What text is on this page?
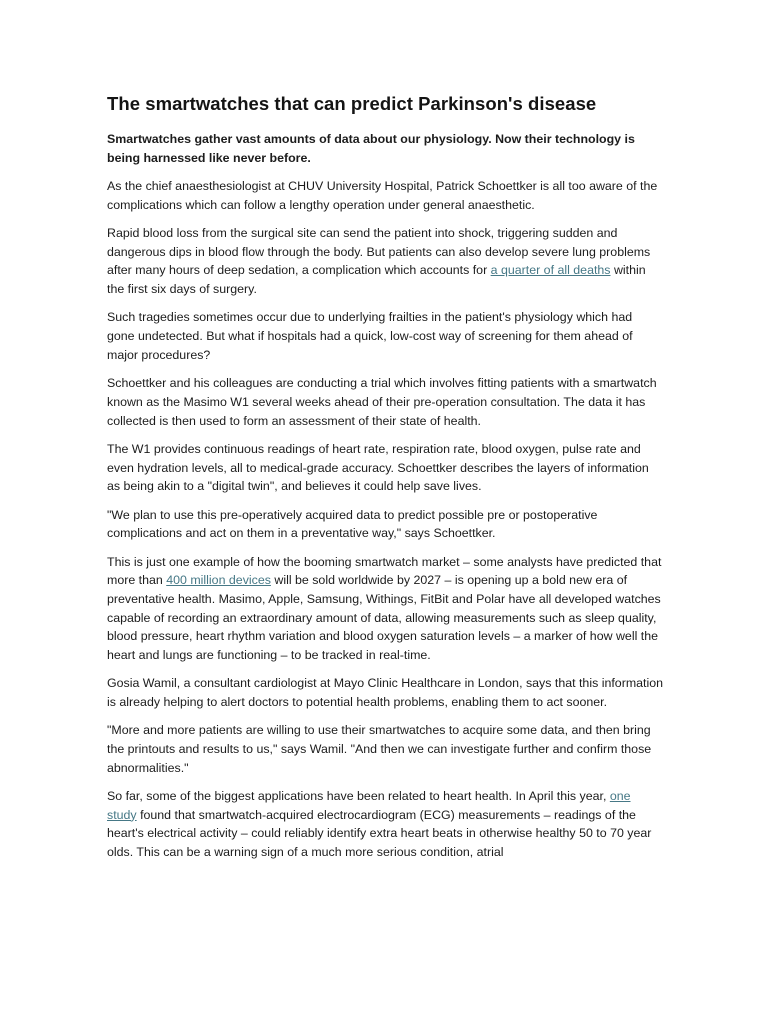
The smartwatches that can predict Parkinson's disease

Smartwatches gather vast amounts of data about our physiology. Now their technology is being harnessed like never before.

As the chief anaesthesiologist at CHUV University Hospital, Patrick Schoettker is all too aware of the complications which can follow a lengthy operation under general anaesthetic.

Rapid blood loss from the surgical site can send the patient into shock, triggering sudden and dangerous dips in blood flow through the body. But patients can also develop severe lung problems after many hours of deep sedation, a complication which accounts for a quarter of all deaths within the first six days of surgery.

Such tragedies sometimes occur due to underlying frailties in the patient's physiology which had gone undetected. But what if hospitals had a quick, low-cost way of screening for them ahead of major procedures?

Schoettker and his colleagues are conducting a trial which involves fitting patients with a smartwatch known as the Masimo W1 several weeks ahead of their pre-operation consultation. The data it has collected is then used to form an assessment of their state of health.

The W1 provides continuous readings of heart rate, respiration rate, blood oxygen, pulse rate and even hydration levels, all to medical-grade accuracy. Schoettker describes the layers of information as being akin to a "digital twin", and believes it could help save lives.

"We plan to use this pre-operatively acquired data to predict possible pre or postoperative complications and act on them in a preventative way," says Schoettker.

This is just one example of how the booming smartwatch market – some analysts have predicted that more than 400 million devices will be sold worldwide by 2027 – is opening up a bold new era of preventative health. Masimo, Apple, Samsung, Withings, FitBit and Polar have all developed watches capable of recording an extraordinary amount of data, allowing measurements such as sleep quality, blood pressure, heart rhythm variation and blood oxygen saturation levels – a marker of how well the heart and lungs are functioning – to be tracked in real-time.

Gosia Wamil, a consultant cardiologist at Mayo Clinic Healthcare in London, says that this information is already helping to alert doctors to potential health problems, enabling them to act sooner.

"More and more patients are willing to use their smartwatches to acquire some data, and then bring the printouts and results to us," says Wamil. "And then we can investigate further and confirm those abnormalities."

So far, some of the biggest applications have been related to heart health. In April this year, one study found that smartwatch-acquired electrocardiogram (ECG) measurements – readings of the heart's electrical activity – could reliably identify extra heart beats in otherwise healthy 50 to 70 year olds. This can be a warning sign of a much more serious condition, atrial
